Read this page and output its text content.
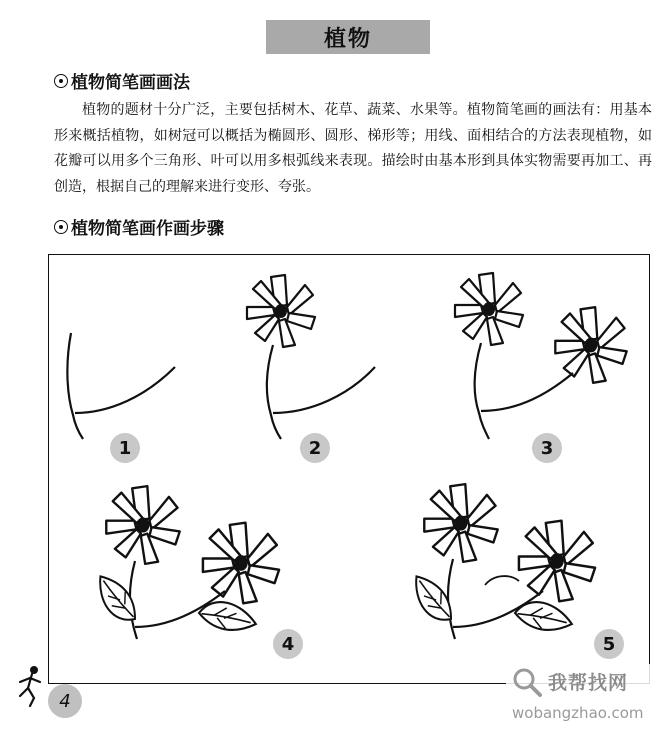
植物
植物简笔画画法

植物的题材十分广泛，主要包括树木、花草、蔬菜、水果等。植物简笔画的画法有：用基本形来概括植物，如树冠可以概括为椭圆形、圆形、梯形等；用线、面相结合的方法表现植物，如花瓣可以用多个三角形、叶可以用多根弧线来表现。描绘时由基本形到具体实物需要再加工、再创造，根据自己的理解来进行变形、夸张。

植物简笔画作画步骤
1	2	3
4	5
4
我帮找网
wobangzhao.com
